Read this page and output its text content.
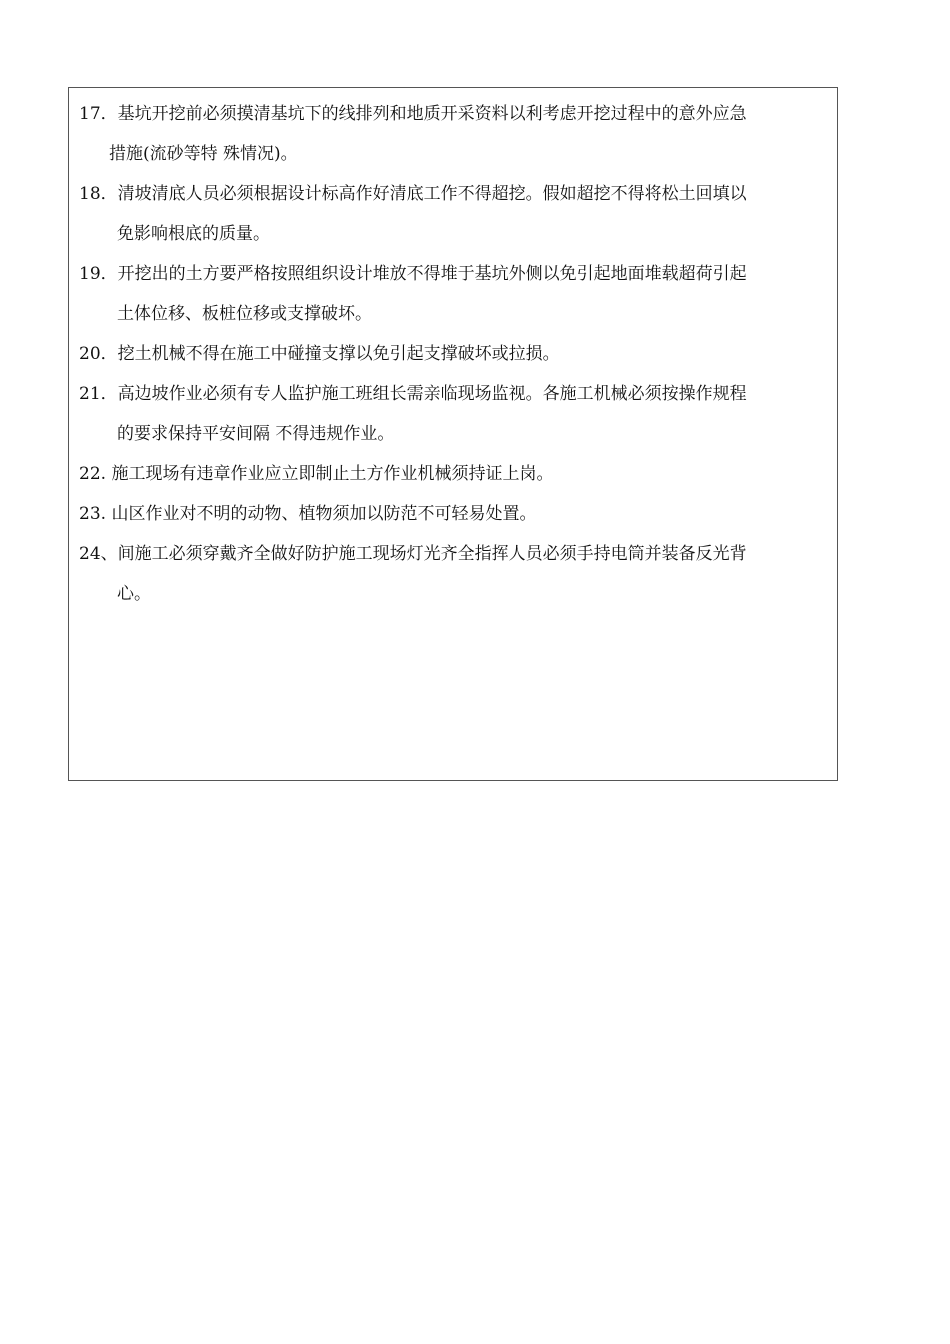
17．基坑开挖前必须摸清基坑下的线排列和地质开采资料以利考虑开挖过程中的意外应急
措施(流砂等特 殊情况)。
18．清坡清底人员必须根据设计标高作好清底工作不得超挖。假如超挖不得将松土回填以
免影响根底的质量。
19．开挖出的土方要严格按照组织设计堆放不得堆于基坑外侧以免引起地面堆载超荷引起
土体位移、板桩位移或支撑破坏。
20．挖土机械不得在施工中碰撞支撑以免引起支撑破坏或拉损。
21．高边坡作业必须有专人监护施工班组长需亲临现场监视。各施工机械必须按操作规程
的要求保持平安间隔 不得违规作业。
22. 施工现场有违章作业应立即制止土方作业机械须持证上岗。
23. 山区作业对不明的动物、植物须加以防范不可轻易处置。
24、间施工必须穿戴齐全做好防护施工现场灯光齐全指挥人员必须手持电筒并装备反光背
心。
